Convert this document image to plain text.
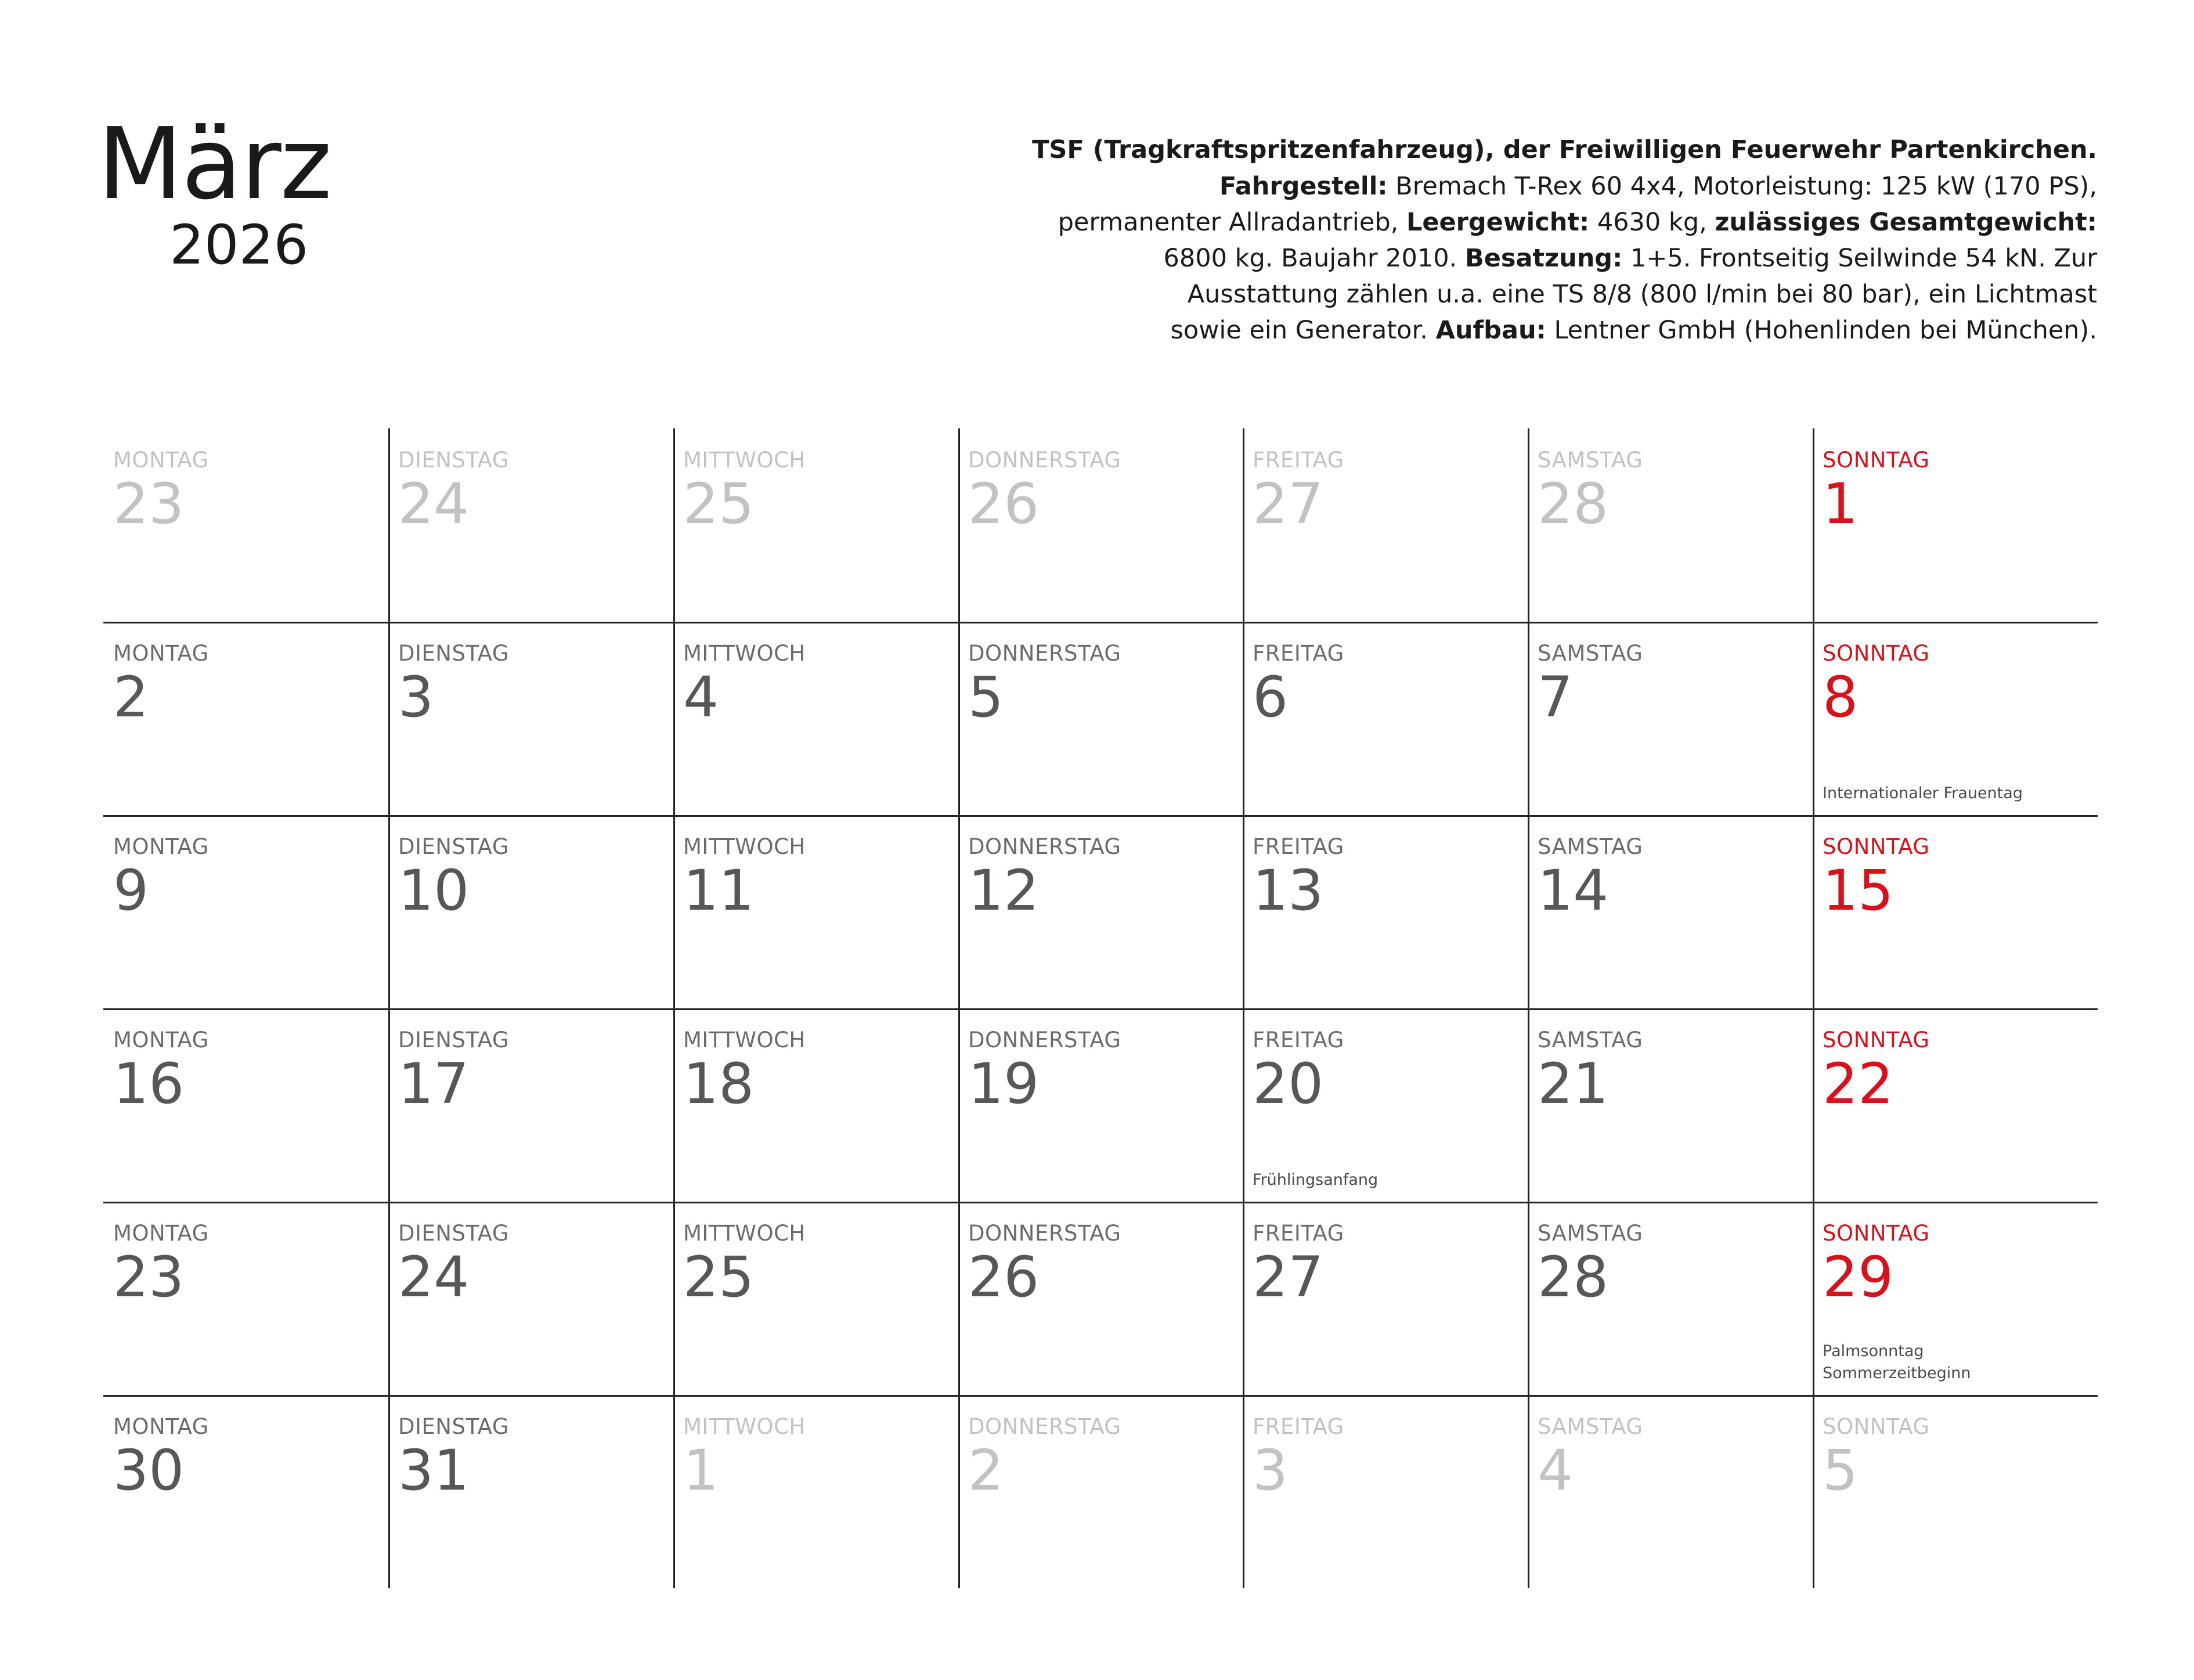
März
2026
TSF (Tragkraftspritzenfahrzeug), der Freiwilligen Feuerwehr Partenkirchen.
Fahrgestell: Bremach T-Rex 60 4x4, Motorleistung: 125 kW (170 PS),
permanenter Allradantrieb, Leergewicht: 4630 kg, zulässiges Gesamtgewicht:
6800 kg. Baujahr 2010. Besatzung: 1+5. Frontseitig Seilwinde 54 kN. Zur
Ausstattung zählen u.a. eine TS 8/8 (800 l/min bei 80 bar), ein Lichtmast
sowie ein Generator. Aufbau: Lentner GmbH (Hohenlinden bei München).
MONTAG
23
DIENSTAG
24
MITTWOCH
25
DONNERSTAG
26
FREITAG
27
SAMSTAG
28
SONNTAG
1
MONTAG
2
DIENSTAG
3
MITTWOCH
4
DONNERSTAG
5
FREITAG
6
SAMSTAG
7
SONNTAG
8
Internationaler Frauentag
MONTAG
9
DIENSTAG
10
MITTWOCH
11
DONNERSTAG
12
FREITAG
13
SAMSTAG
14
SONNTAG
15
MONTAG
16
DIENSTAG
17
MITTWOCH
18
DONNERSTAG
19
FREITAG
20
Frühlingsanfang
SAMSTAG
21
SONNTAG
22
MONTAG
23
DIENSTAG
24
MITTWOCH
25
DONNERSTAG
26
FREITAG
27
SAMSTAG
28
SONNTAG
29
Palmsonntag
Sommerzeitbeginn
MONTAG
30
DIENSTAG
31
MITTWOCH
1
DONNERSTAG
2
FREITAG
3
SAMSTAG
4
SONNTAG
5
